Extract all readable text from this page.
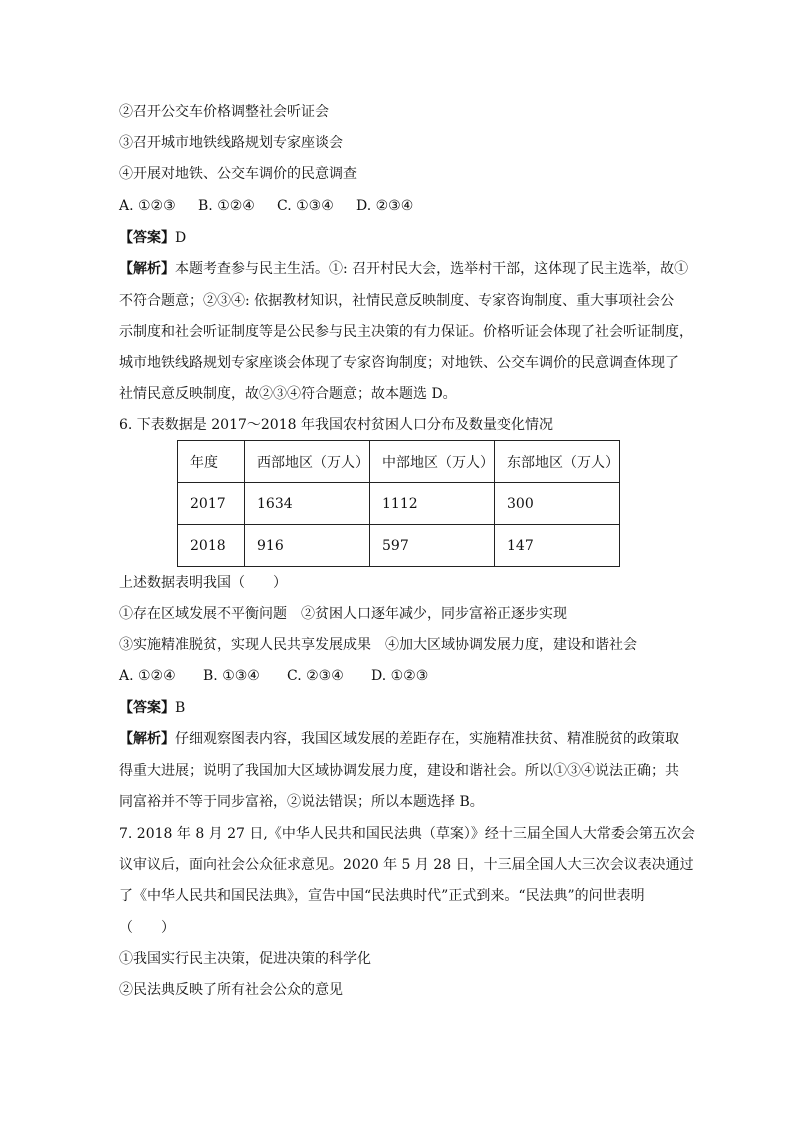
②召开公交车价格调整社会听证会
③召开城市地铁线路规划专家座谈会
④开展对地铁、公交车调价的民意调查
A. ①②③ B. ①②④ C. ①③④ D. ②③④
【答案】D
【解析】本题考查参与民主生活。①: 召开村民大会，选举村干部，这体现了民主选举，故①
不符合题意；②③④: 依据教材知识，社情民意反映制度、专家咨询制度、重大事项社会公
示制度和社会听证制度等是公民参与民主决策的有力保证。价格听证会体现了社会听证制度，
城市地铁线路规划专家座谈会体现了专家咨询制度；对地铁、公交车调价的民意调查体现了
社情民意反映制度，故②③④符合题意；故本题选 D。
6. 下表数据是 2017～2018 年我国农村贫困人口分布及数量变化情况
年度	西部地区（万人）	中部地区（万人）	东部地区（万人）
2017	1634	1112	300
2018	916	597	147
上述数据表明我国（　　）
①存在区域发展不平衡问题　②贫困人口逐年减少，同步富裕正逐步实现
③实施精准脱贫，实现人民共享发展成果　④加大区域协调发展力度，建设和谐社会
A. ①②④ B. ①③④ C. ②③④ D. ①②③
【答案】B
【解析】仔细观察图表内容，我国区域发展的差距存在，实施精准扶贫、精准脱贫的政策取
得重大进展；说明了我国加大区域协调发展力度，建设和谐社会。所以①③④说法正确；共
同富裕并不等于同步富裕，②说法错误；所以本题选择 B。
7. 2018 年 8 月 27 日,《中华人民共和国民法典（草案）》经十三届全国人大常委会第五次会
议审议后，面向社会公众征求意见。2020 年 5 月 28 日，十三届全国人大三次会议表决通过
了《中华人民共和国民法典》，宣告中国“民法典时代”正式到来。“民法典”的问世表明
（　　）
①我国实行民主决策，促进决策的科学化
②民法典反映了所有社会公众的意见
